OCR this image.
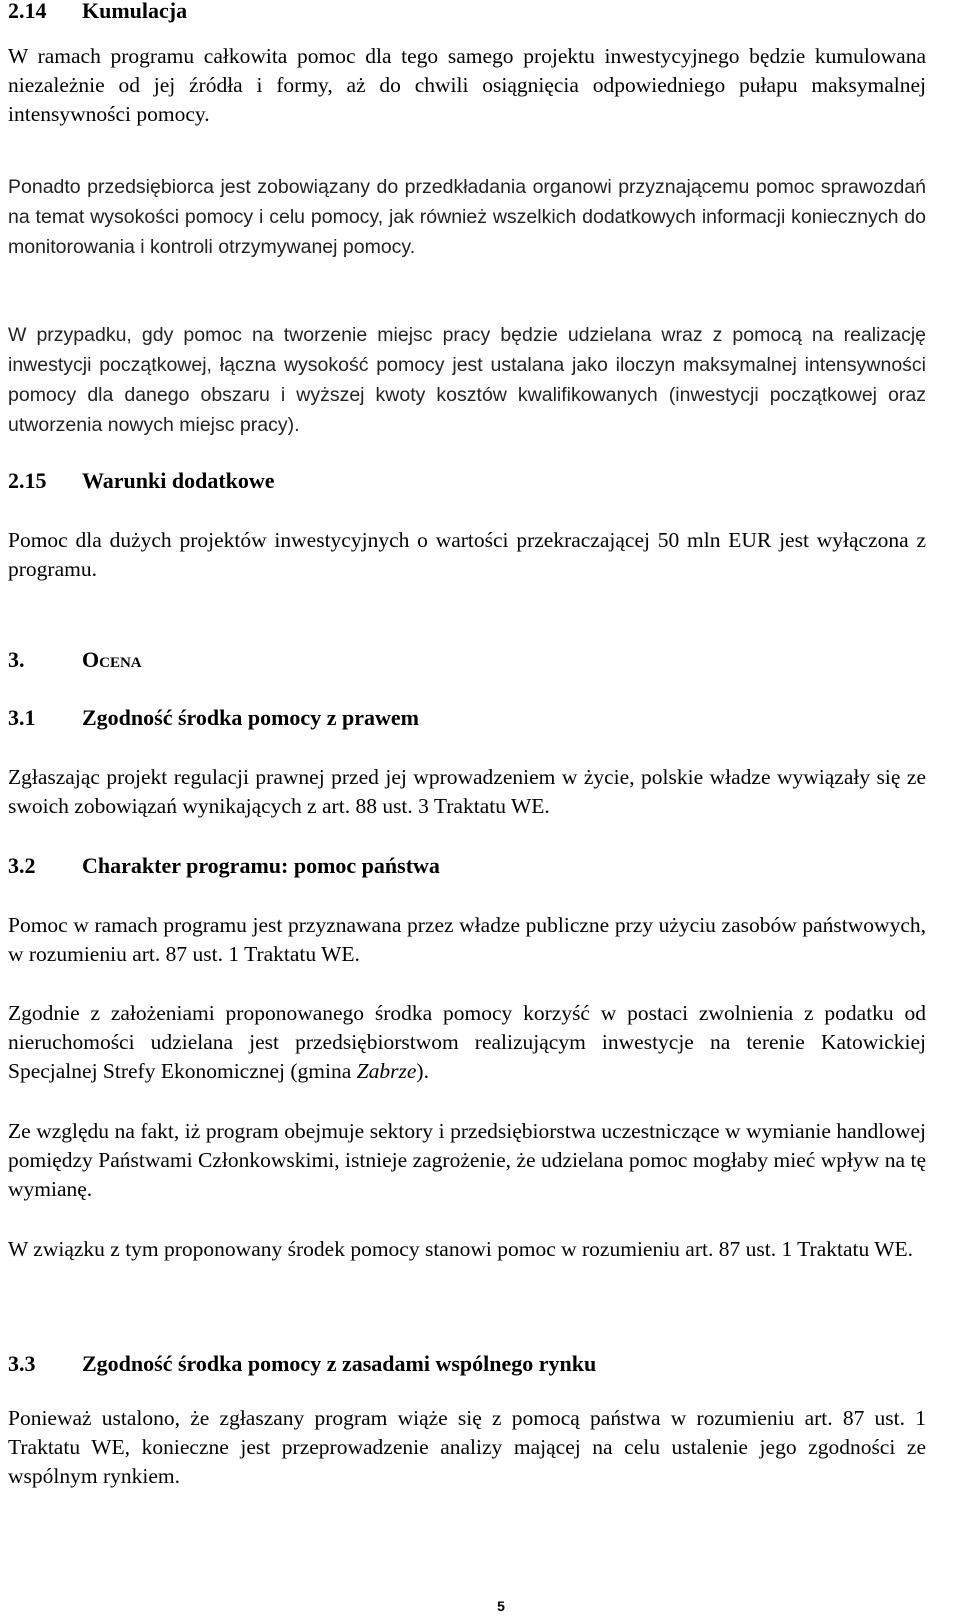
2.14 Kumulacja

W ramach programu całkowita pomoc dla tego samego projektu inwestycyjnego będzie kumulowana niezależnie od jej źródła i formy, aż do chwili osiągnięcia odpowiedniego pułapu maksymalnej intensywności pomocy.

Ponadto przedsiębiorca jest zobowiązany do przedkładania organowi przyznającemu pomoc sprawozdań na temat wysokości pomocy i celu pomocy, jak również wszelkich dodatkowych informacji koniecznych do monitorowania i kontroli otrzymywanej pomocy.

W przypadku, gdy pomoc na tworzenie miejsc pracy będzie udzielana wraz z pomocą na realizację inwestycji początkowej, łączna wysokość pomocy jest ustalana jako iloczyn maksymalnej intensywności pomocy dla danego obszaru i wyższej kwoty kosztów kwalifikowanych (inwestycji początkowej oraz utworzenia nowych miejsc pracy).

2.15 Warunki dodatkowe

Pomoc dla dużych projektów inwestycyjnych o wartości przekraczającej 50 mln EUR jest wyłączona z programu.

3.	Ocena
3.1 Zgodność środka pomocy z prawem

Zgłaszając projekt regulacji prawnej przed jej wprowadzeniem w życie, polskie władze wywiązały się ze swoich zobowiązań wynikających z art. 88 ust. 3 Traktatu WE.

3.2 Charakter programu: pomoc państwa

Pomoc w ramach programu jest przyznawana przez władze publiczne przy użyciu zasobów państwowych, w rozumieniu art. 87 ust. 1 Traktatu WE.

Zgodnie z założeniami proponowanego środka pomocy korzyść w postaci zwolnienia z podatku od nieruchomości udzielana jest przedsiębiorstwom realizującym inwestycje na terenie Katowickiej Specjalnej Strefy Ekonomicznej (gmina Zabrze).

Ze względu na fakt, iż program obejmuje sektory i przedsiębiorstwa uczestniczące w wymianie handlowej pomiędzy Państwami Członkowskimi, istnieje zagrożenie, że udzielana pomoc mogłaby mieć wpływ na tę wymianę.

W związku z tym proponowany środek pomocy stanowi pomoc w rozumieniu art. 87 ust. 1 Traktatu WE.

3.3 Zgodność środka pomocy z zasadami wspólnego rynku

Ponieważ ustalono, że zgłaszany program wiąże się z pomocą państwa w rozumieniu art. 87 ust. 1 Traktatu WE, konieczne jest przeprowadzenie analizy mającej na celu ustalenie jego zgodności ze wspólnym rynkiem.

5
